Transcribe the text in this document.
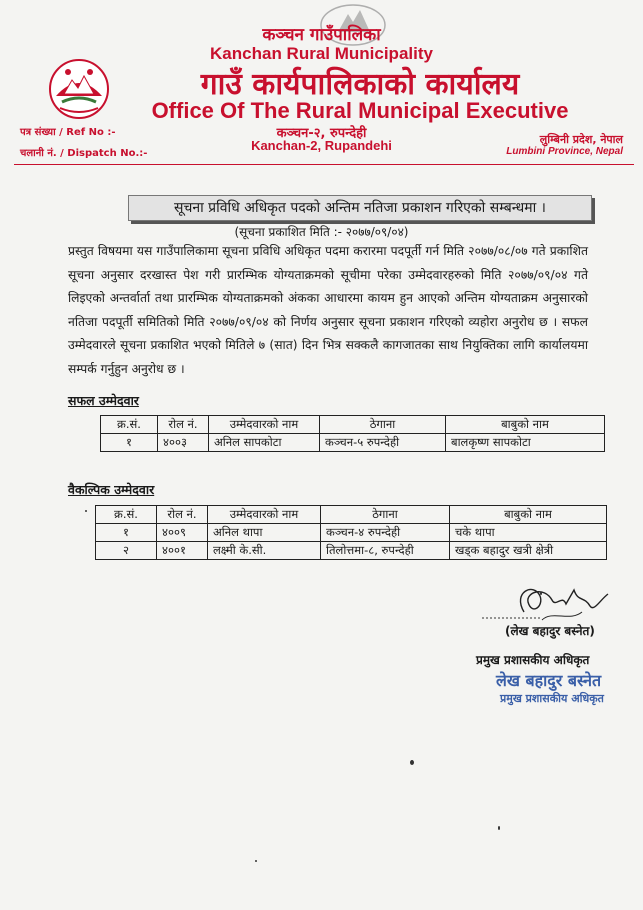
कञ्चन गाउँपालिका
Kanchan Rural Municipality
गाउँ कार्यपालिकाको कार्यालय
Office Of The Rural Municipal Executive
कञ्चन-२, रुपन्देही
Kanchan-2, Rupandehi
पत्र संख्या / Ref No :-
चलानी नं. / Dispatch No.:-
लुम्बिनी प्रदेश, नेपाल
Lumbini Province, Nepal
सूचना प्रविधि अधिकृत पदको अन्तिम नतिजा प्रकाशन गरिएको सम्बन्धमा ।
(सूचना प्रकाशित मिति :- २०७७/०९/०४)
प्रस्तुत विषयमा यस गाउँपालिकामा सूचना प्रविधि अधिकृत पदमा करारमा पदपूर्ती गर्न मिति २०७७/०८/०७ गते प्रकाशित सूचना अनुसार दरखास्त पेश गरी प्रारम्भिक योग्यताक्रमको सूचीमा परेका उम्मेदवारहरुको मिति २०७७/०९/०४ गते लिइएको अन्तर्वार्ता तथा प्रारम्भिक योग्यताक्रमको अंकका आधारमा कायम हुन आएको अन्तिम योग्यताक्रम अनुसारको नतिजा पदपूर्ती समितिको मिति २०७७/०९/०४ को निर्णय अनुसार सूचना प्रकाशन गरिएको व्यहोरा अनुरोध छ । सफल उम्मेदवारले सूचना प्रकाशित भएको मितिले ७ (सात) दिन भित्र सक्कलै कागजातका साथ नियुक्तिका लागि कार्यालयमा सम्पर्क गर्नुहुन अनुरोध छ ।
सफल उम्मेदवार
क्र.सं.	रोल नं.	उम्मेदवारको नाम	ठेगाना	बाबुको नाम
१	४००३	अनिल सापकोटा	कञ्चन-५ रुपन्देही	बालकृष्ण सापकोटा
वैकल्पिक उम्मेदवार
क्र.सं.	रोल नं.	उम्मेदवारको नाम	ठेगाना	बाबुको नाम
१	४००९	अनिल थापा	कञ्चन-४ रुपन्देही	चके थापा
२	४००१	लक्ष्मी के.सी.	तिलोत्तमा-८, रुपन्देही	खड्क बहादुर खत्री क्षेत्री
(लेख बहादुर बस्नेत)
प्रमुख प्रशासकीय अधिकृत
लेख बहादुर बस्नेत
प्रमुख प्रशासकीय अधिकृत
